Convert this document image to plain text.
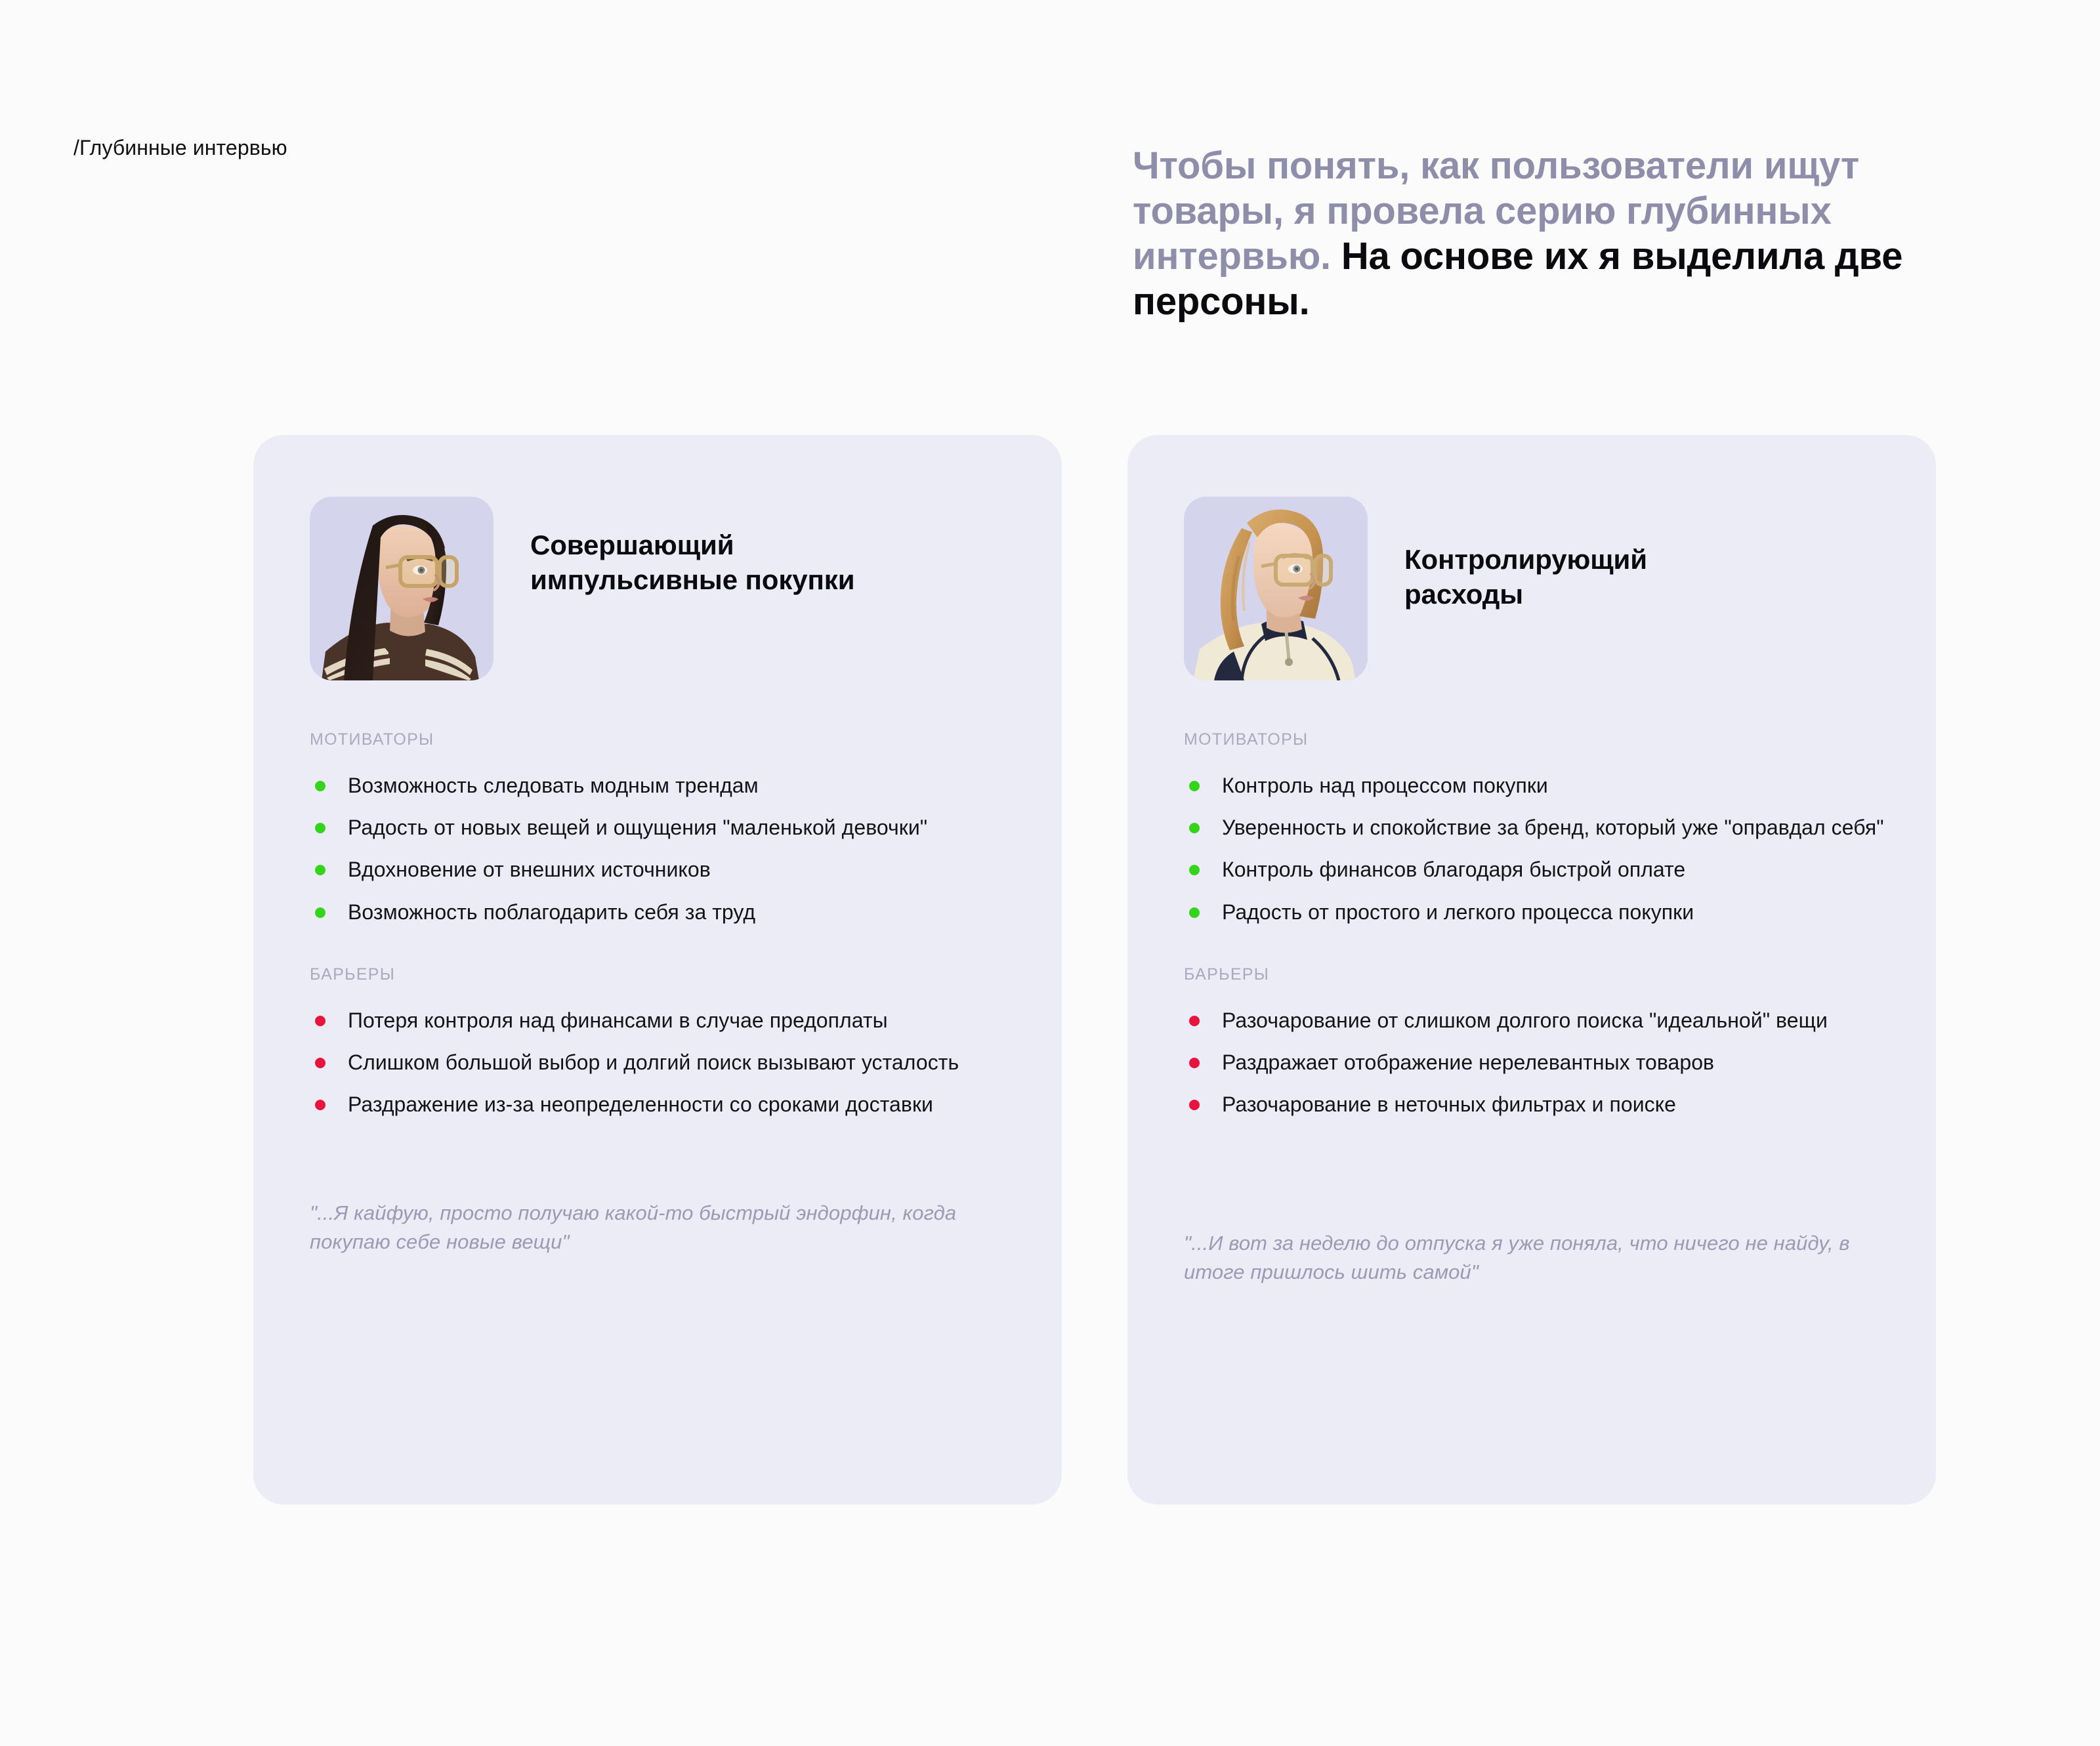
/Глубинные интервью	Чтобы понять, как пользователи ищут товары, я провела серию глубинных интервью. На основе их я выделила две персоны.
Совершающий импульсивные покупки
МОТИВАТОРЫ
Возможность следовать модным трендам
Радость от новых вещей и ощущения "маленькой девочки"
Вдохновение от внешних источников
Возможность поблагодарить себя за труд
БАРЬЕРЫ
Потеря контроля над финансами в случае предоплаты
Слишком большой выбор и долгий поиск вызывают усталость
Раздражение из-за неопределенности со сроками доставки
"...Я кайфую, просто получаю какой-то быстрый эндорфин, когда покупаю себе новые вещи"
Контролирующий расходы
МОТИВАТОРЫ
Контроль над процессом покупки
Уверенность и спокойствие за бренд, который уже "оправдал себя"
Контроль финансов благодаря быстрой оплате
Радость от простого и легкого процесса покупки
БАРЬЕРЫ
Разочарование от слишком долгого поиска "идеальной" вещи
Раздражает отображение нерелевантных товаров
Разочарование в неточных фильтрах и поиске
"...И вот за неделю до отпуска я уже поняла, что ничего не найду, в итоге пришлось шить самой"
